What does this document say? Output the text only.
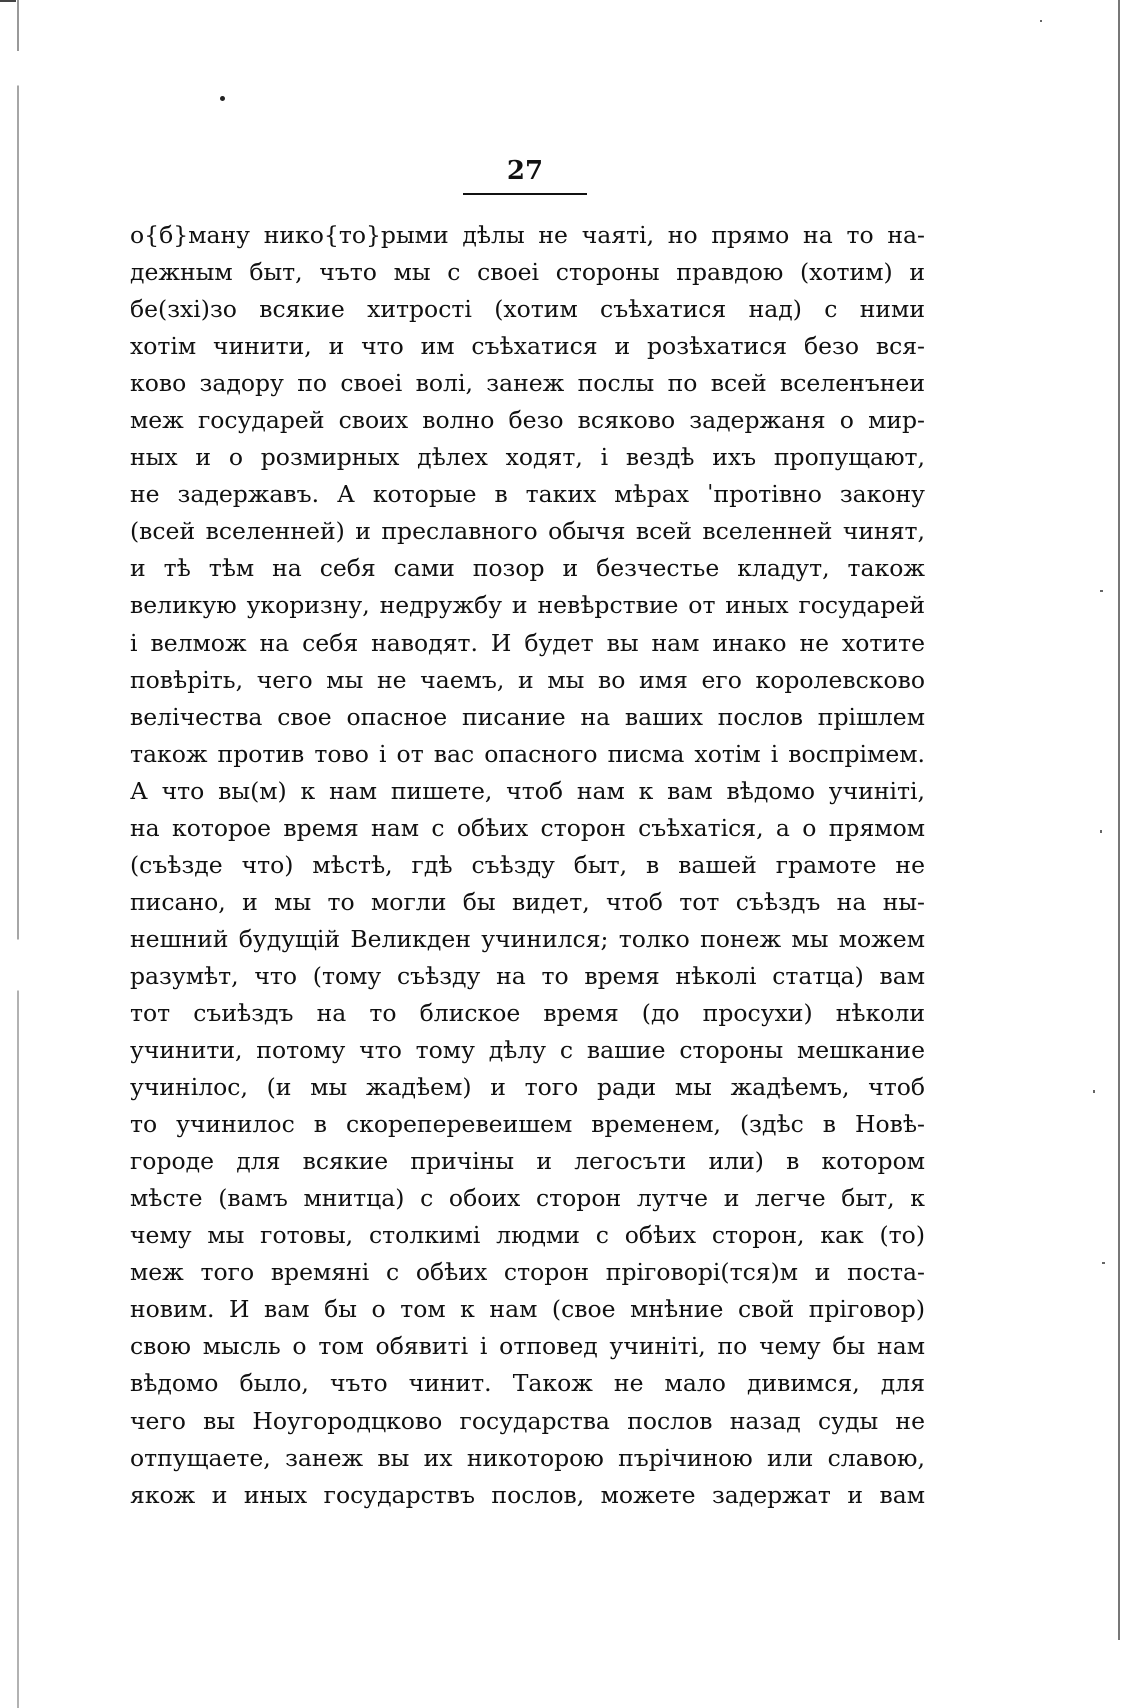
27
о{б}ману нико{то}рыми дѣлы не чаятi, но прямо на то на-
дежным быт, чъто мы с своеi стороны правдою (хотим) и
бе(зхi)зо всякие хитростi (хотим съѣхатися над) с ними
хотiм чинити, и что им съѣхатися и розѣхатися безо вся-
ково задору по своеi волi, занеж послы по всей вселенънеи
меж государей своих волно безо всяково задержаня о мир-
ных и о розмирных дѣлех ходят, i вездѣ ихъ пропущают,
не задержавъ. А которые в таких мѣрах ˈпротiвно закону
(всей вселенней) и преславного обычя всей вселенней чинят,
и тѣ тѣм на себя сами позор и безчестье кладут, також
великую укоризну, недружбу и невѣрствие от иных государей
i велмож на себя наводят. И будет вы нам инако не хотите
повѣрiть, чего мы не чаемъ, и мы во имя его королевсково
велiчества свое опасное писание на ваших послов прiшлем
також против тово i от вас опасного писма хотiм i воспрiмем.
А что вы(м) к нам пишете, чтоб нам к вам вѣдомо учинiтi,
на которое время нам с обѣих сторон съѣхатiся, а о прямом
(съѣзде что) мѣстѣ, гдѣ съѣзду быт, в вашей грамоте не
писано, и мы то могли бы видет, чтоб тот съѣздъ на ны-
нешний будущiй Великден учинился; толко понеж мы можем
разумѣт, что (тому съѣзду на то время нѣколi статца) вам
тот съиѣздъ на то блиское время (до просухи) нѣколи
учинити, потому что тому дѣлу с вашие стороны мешкание
учинiлос, (и мы жадѣем) и того ради мы жадѣемъ, чтоб
то учинилос в скореперевеишем временем, (здѣс в Новѣ-
городе для всякие причiны и легосъти или) в котором
мѣсте (вамъ мнитца) с обоих сторон лутче и легче быт, к
чему мы готовы, столкимi людми с обѣих сторон, как (то)
меж того времянi с обѣих сторон прiговорi(тся)м и поста-
новим. И вам бы о том к нам (свое мнѣние свой прiговор)
свою мысль о том обявитi i отповед учинiтi, по чему бы нам
вѣдомо было, чъто чинит. Також не мало дивимся, для
чего вы Ноугородцково государства послов назад суды не
отпущаете, занеж вы их никоторою пърiчиною или славою,
якож и иных государствъ послов, можете задержат и вам
